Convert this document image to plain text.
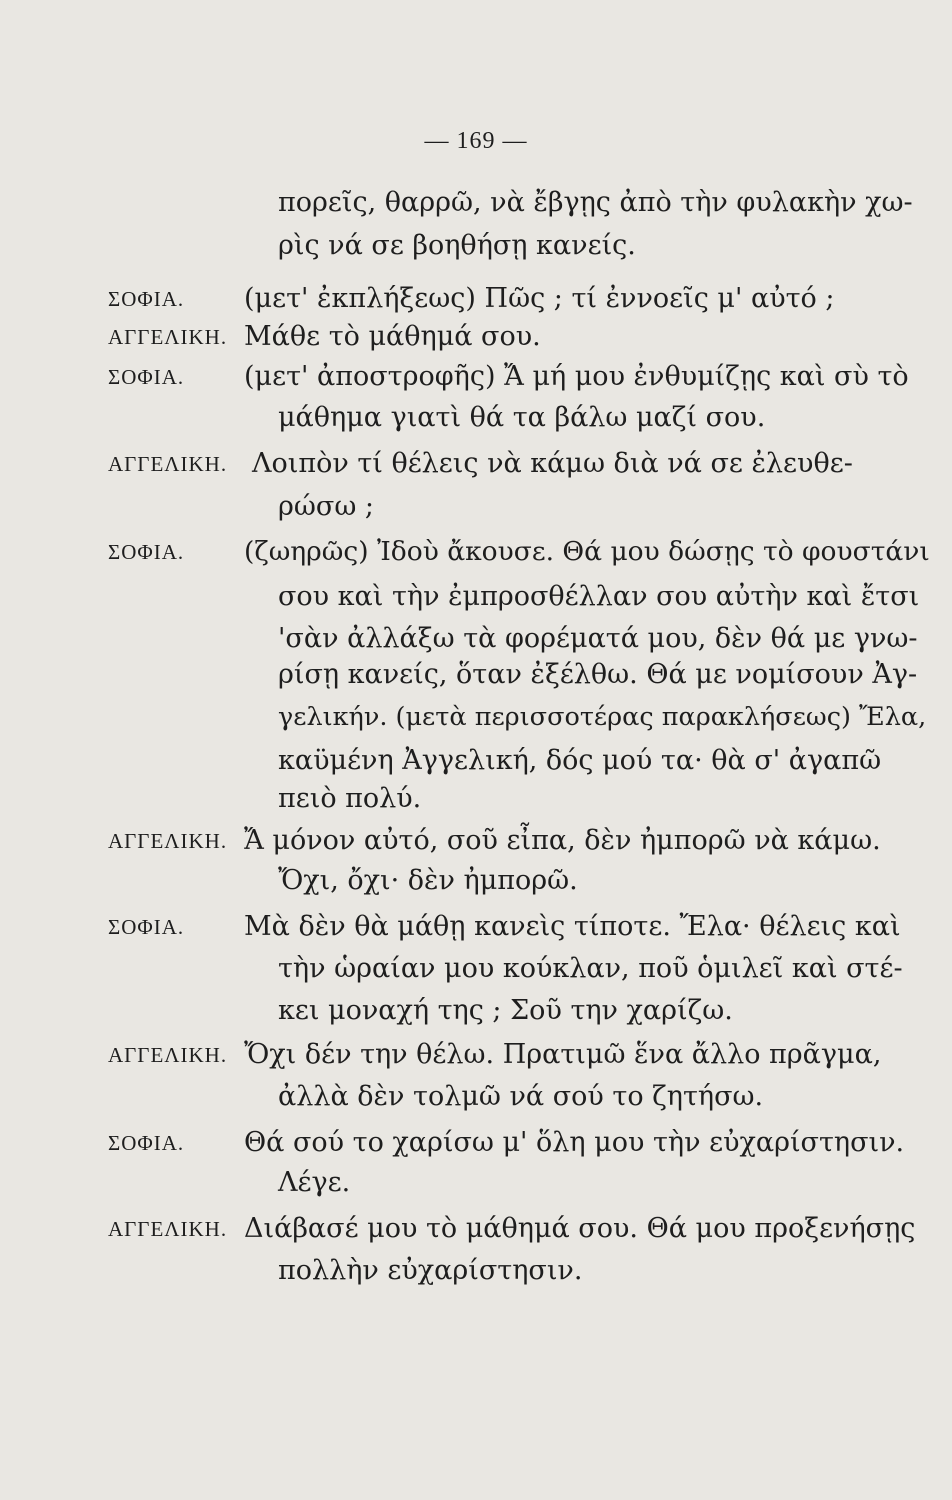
— 169 —
πορεῖς, θαρρῶ, νὰ ἔβγῃς ἀπὸ τὴν φυλακὴν χω-
ρὶς νά σε βοηθήσῃ κανείς.
ΣΟΦΙΑ. (μετ' ἐκπλήξεως) Πῶς ; τί ἐννοεῖς μ' αὐτό ;
ΑΓΓΕΛΙΚΗ. Μάθε τὸ μάθημά σου.
ΣΟΦΙΑ. (μετ' ἀποστροφῆς) Ἄ μή μου ἐνθυμίζῃς καὶ σὺ τὸ
μάθημα γιατὶ θά τα βάλω μαζί σου.
ΑΓΓΕΛΙΚΗ. Λοιπὸν τί θέλεις νὰ κάμω διὰ νά σε ἐλευθε-
ρώσω ;
ΣΟΦΙΑ. (ζωηρῶς) Ἰδοὺ ἄκουσε. Θά μου δώσῃς τὸ φουστάνι
σου καὶ τὴν ἐμπροσθέλλαν σου αὐτὴν καὶ ἔτσι
'σὰν ἀλλάξω τὰ φορέματά μου, δὲν θά με γνω-
ρίσῃ κανείς, ὅταν ἐξέλθω. Θά με νομίσουν Ἀγ-
γελικήν. (μετὰ περισσοτέρας παρακλήσεως) Ἔλα,
καϋμένη Ἀγγελική, δός μού τα· θὰ σ' ἀγαπῶ
πειὸ πολύ.
ΑΓΓΕΛΙΚΗ. Ἄ μόνον αὐτό, σοῦ εἶπα, δὲν ἠμπορῶ νὰ κάμω.
Ὄχι, ὄχι· δὲν ἠμπορῶ.
ΣΟΦΙΑ. Μὰ δὲν θὰ μάθῃ κανεὶς τίποτε. Ἔλα· θέλεις καὶ
τὴν ὡραίαν μου κούκλαν, ποῦ ὁμιλεῖ καὶ στέ-
κει μοναχή της ; Σοῦ την χαρίζω.
ΑΓΓΕΛΙΚΗ. Ὄχι δέν την θέλω. Πρατιμῶ ἕνα ἄλλο πρᾶγμα,
ἀλλὰ δὲν τολμῶ νά σού το ζητήσω.
ΣΟΦΙΑ. Θά σού το χαρίσω μ' ὅλη μου τὴν εὐχαρίστησιν.
Λέγε.
ΑΓΓΕΛΙΚΗ. Διάβασέ μου τὸ μάθημά σου. Θά μου προξενήσῃς
πολλὴν εὐχαρίστησιν.
